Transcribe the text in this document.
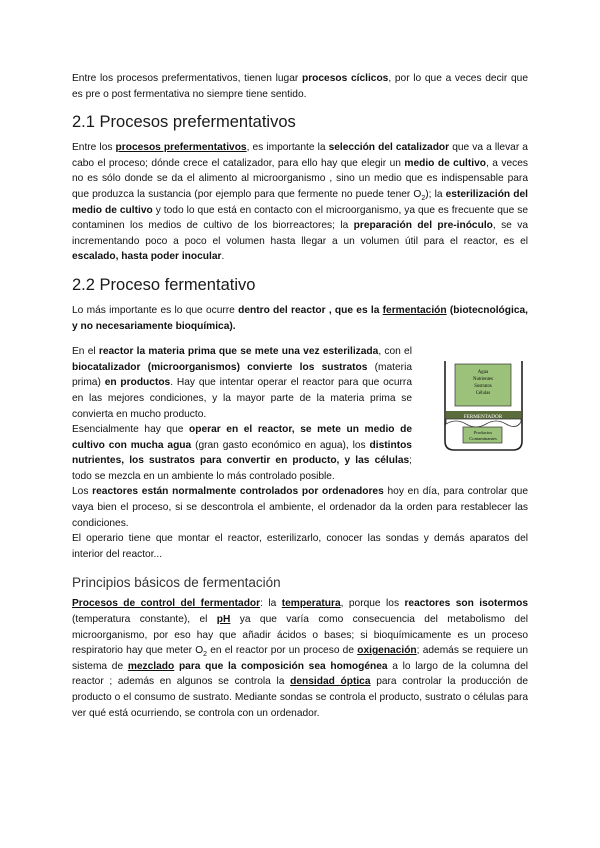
Entre los procesos prefermentativos, tienen lugar procesos cíclicos, por lo que a veces decir que es pre o post fermentativa no siempre tiene sentido.

2.1 Procesos prefermentativos

Entre los procesos prefermentativos, es importante la selección del catalizador que va a llevar a cabo el proceso; dónde crece el catalizador, para ello hay que elegir un medio de cultivo, a veces no es sólo donde se da el alimento al microorganismo , sino un medio que es indispensable para que produzca la sustancia (por ejemplo para que fermente no puede tener $O_2$); la esterilización del medio de cultivo y todo lo que está en contacto con el microorganismo, ya que es frecuente que se contaminen los medios de cultivo de los biorreactores; la preparación del pre-inóculo, se va incrementando poco a poco el volumen hasta llegar a un volumen útil para el reactor, es el escalado, hasta poder inocular.

2.2 Proceso fermentativo

Lo más importante es lo que ocurre dentro del reactor , que es la fermentación (biotecnológica, y no necesariamente bioquímica).

En el reactor la materia prima que se mete una vez esterilizada, con el biocatalizador (microorganismos) convierte los sustratos (materia prima) en productos. Hay que intentar operar el reactor para que ocurra en las mejores condiciones, y la mayor parte de la materia prima se convierta en mucho producto.

Esencialmente hay que operar en el reactor, se mete un medio de cultivo con mucha agua (gran gasto económico en agua), los distintos nutrientes, los sustratos para convertir en producto, y las células; todo se mezcla en un ambiente lo más controlado posible.

Agua
Nutrientes
Sustratos
Células
FERMENTADOR
Productos
Contaminantes

Los reactores están normalmente controlados por ordenadores hoy en día, para controlar que vaya bien el proceso, si se descontrola el ambiente, el ordenador da la orden para restablecer las condiciones.

El operario tiene que montar el reactor, esterilizarlo, conocer las sondas y demás aparatos del interior del reactor...

Principios básicos de fermentación

Procesos de control del fermentador: la temperatura, porque los reactores son isotermos (temperatura constante), el pH ya que varía como consecuencia del metabolismo del microorganismo, por eso hay que añadir ácidos o bases; si bioquímicamente es un proceso respiratorio hay que meter $O_2$ en el reactor por un proceso de oxigenación; además se requiere un sistema de mezclado para que la composición sea homogénea a lo largo de la columna del reactor ; además en algunos se controla la densidad óptica para controlar la producción de producto o el consumo de sustrato. Mediante sondas se controla el producto, sustrato o células para ver qué está ocurriendo, se controla con un ordenador.
